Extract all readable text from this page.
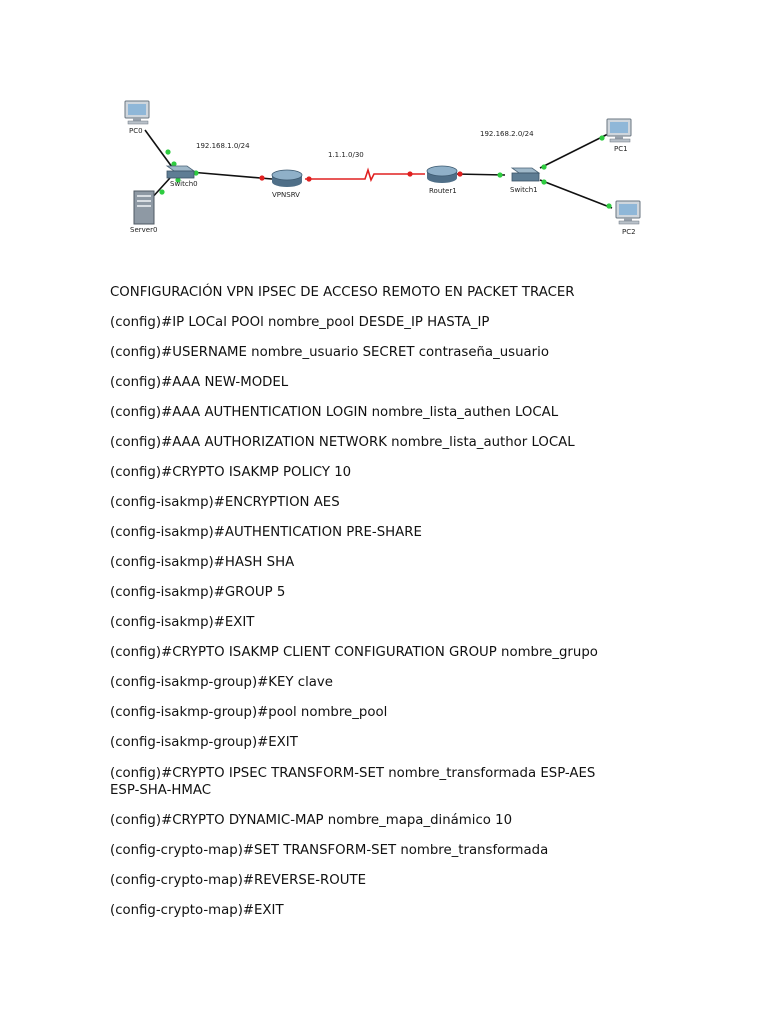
PC0
Server0
Switch0
VPNSRV	Router1	Switch1
PC1
PC2
192.168.1.0/24
1.1.1.0/30
192.168.2.0/24
CONFIGURACIÓN VPN IPSEC DE ACCESO REMOTO EN PACKET TRACER
(config)#IP LOCal POOl nombre_pool DESDE_IP HASTA_IP
(config)#USERNAME nombre_usuario SECRET contraseña_usuario
(config)#AAA NEW-MODEL
(config)#AAA AUTHENTICATION LOGIN nombre_lista_authen LOCAL
(config)#AAA AUTHORIZATION NETWORK nombre_lista_author LOCAL
(config)#CRYPTO ISAKMP POLICY 10
(config-isakmp)#ENCRYPTION AES
(config-isakmp)#AUTHENTICATION PRE-SHARE
(config-isakmp)#HASH SHA
(config-isakmp)#GROUP 5
(config-isakmp)#EXIT
(config)#CRYPTO ISAKMP CLIENT CONFIGURATION GROUP nombre_grupo
(config-isakmp-group)#KEY clave
(config-isakmp-group)#pool nombre_pool
(config-isakmp-group)#EXIT
(config)#CRYPTO IPSEC TRANSFORM-SET nombre_transformada ESP-AES
ESP-SHA-HMAC
(config)#CRYPTO DYNAMIC-MAP nombre_mapa_dinámico 10
(config-crypto-map)#SET TRANSFORM-SET nombre_transformada
(config-crypto-map)#REVERSE-ROUTE
(config-crypto-map)#EXIT
